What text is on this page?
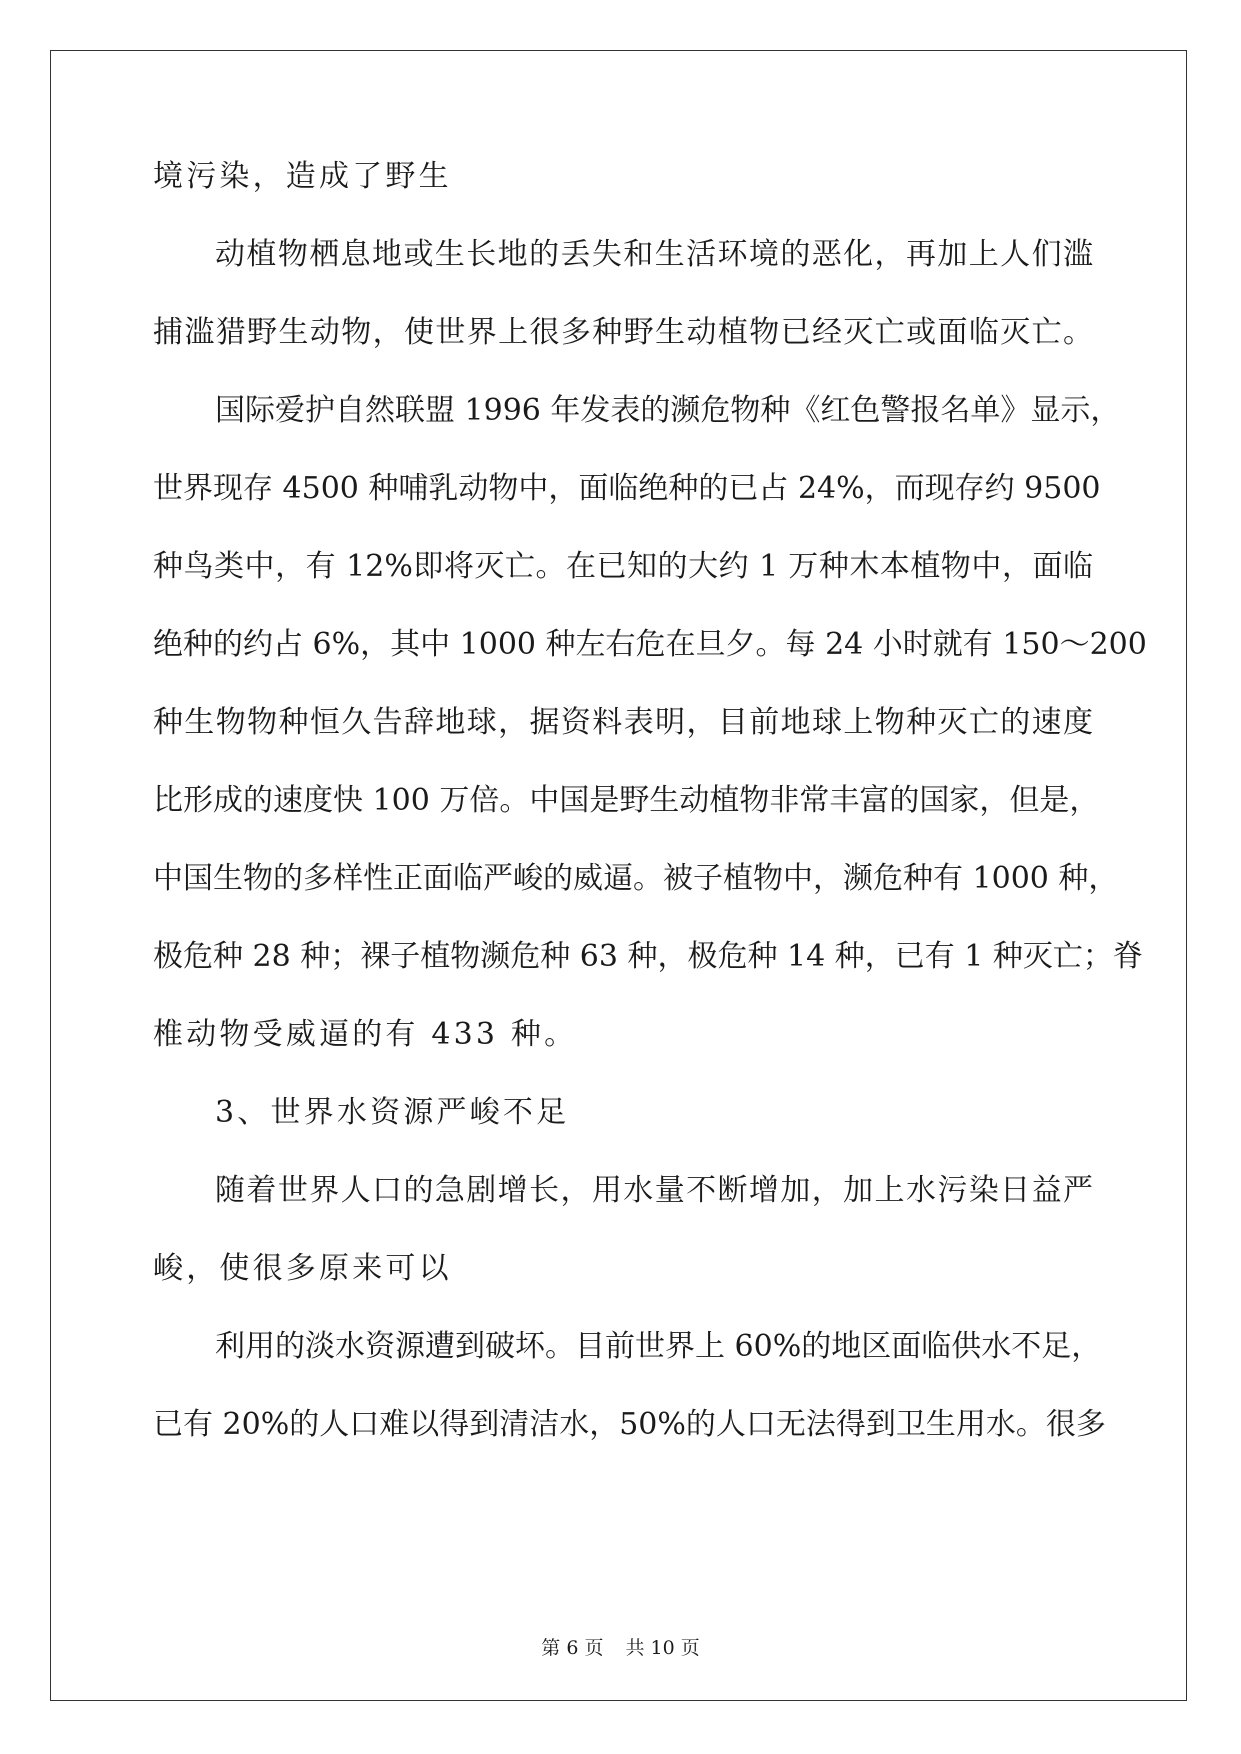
境污染，造成了野生
动植物栖息地或生长地的丢失和生活环境的恶化，再加上人们滥
捕滥猎野生动物，使世界上很多种野生动植物已经灭亡或面临灭亡。
国际爱护自然联盟 1996 年发表的濒危物种《红色警报名单》显示，
世界现存 4500 种哺乳动物中，面临绝种的已占 24%，而现存约 9500
种鸟类中，有 12%即将灭亡。在已知的大约 1 万种木本植物中，面临
绝种的约占 6%，其中 1000 种左右危在旦夕。每 24 小时就有 150～200
种生物物种恒久告辞地球，据资料表明，目前地球上物种灭亡的速度
比形成的速度快 100 万倍。中国是野生动植物非常丰富的国家，但是，
中国生物的多样性正面临严峻的威逼。被子植物中，濒危种有 1000 种，
极危种 28 种；裸子植物濒危种 63 种，极危种 14 种，已有 1 种灭亡；脊
椎动物受威逼的有 433 种。
3、世界水资源严峻不足
随着世界人口的急剧增长，用水量不断增加，加上水污染日益严
峻，使很多原来可以
利用的淡水资源遭到破坏。目前世界上 60%的地区面临供水不足，
已有 20%的人口难以得到清洁水，50%的人口无法得到卫生用水。很多
第 6 页 共 10 页
